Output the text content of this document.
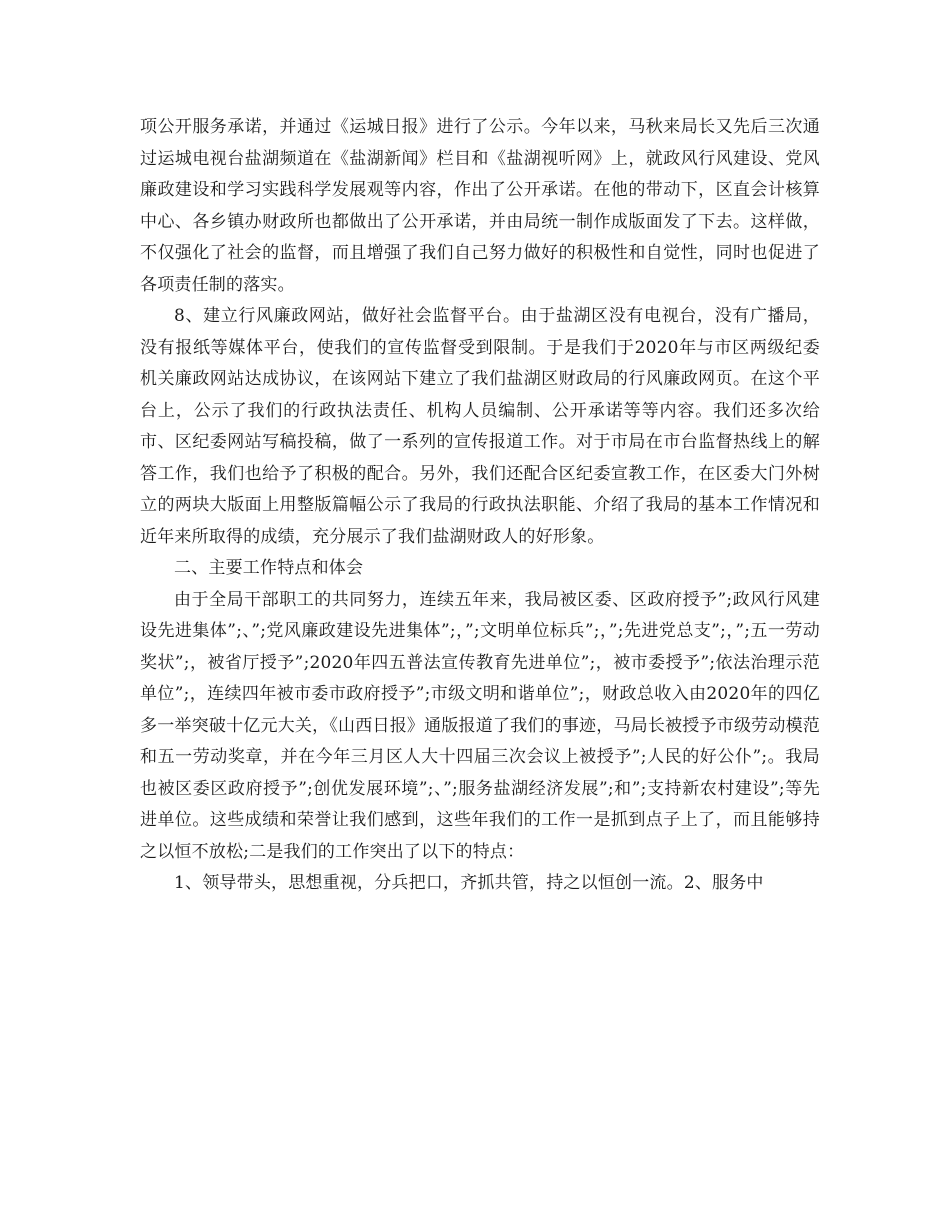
项公开服务承诺，并通过《运城日报》进行了公示。今年以来，马秋来局长又先后三次通过运城电视台盐湖频道在《盐湖新闻》栏目和《盐湖视听网》上，就政风行风建设、党风廉政建设和学习实践科学发展观等内容，作出了公开承诺。在他的带动下，区直会计核算中心、各乡镇办财政所也都做出了公开承诺，并由局统一制作成版面发了下去。这样做，不仅强化了社会的监督，而且增强了我们自己努力做好的积极性和自觉性，同时也促进了各项责任制的落实。

8、建立行风廉政网站，做好社会监督平台。由于盐湖区没有电视台，没有广播局，没有报纸等媒体平台，使我们的宣传监督受到限制。于是我们于2020年与市区两级纪委机关廉政网站达成协议，在该网站下建立了我们盐湖区财政局的行风廉政网页。在这个平台上，公示了我们的行政执法责任、机构人员编制、公开承诺等等内容。我们还多次给市、区纪委网站写稿投稿，做了一系列的宣传报道工作。对于市局在市台监督热线上的解答工作，我们也给予了积极的配合。另外，我们还配合区纪委宣教工作，在区委大门外树立的两块大版面上用整版篇幅公示了我局的行政执法职能、介绍了我局的基本工作情况和近年来所取得的成绩，充分展示了我们盐湖财政人的好形象。

二、主要工作特点和体会

由于全局干部职工的共同努力，连续五年来，我局被区委、区政府授予”;政风行风建设先进集体”;、”;党风廉政建设先进集体”;，”;文明单位标兵”;，”;先进党总支”;，”;五一劳动奖状”;，被省厅授予”;2020年四五普法宣传教育先进单位”;，被市委授予”;依法治理示范单位”;，连续四年被市委市政府授予”;市级文明和谐单位”;，财政总收入由2020年的四亿多一举突破十亿元大关，《山西日报》通版报道了我们的事迹，马局长被授予市级劳动模范和五一劳动奖章，并在今年三月区人大十四届三次会议上被授予”;人民的好公仆”;。我局也被区委区政府授予”;创优发展环境”;、”;服务盐湖经济发展”;和”;支持新农村建设”;等先进单位。这些成绩和荣誉让我们感到，这些年我们的工作一是抓到点子上了，而且能够持之以恒不放松;二是我们的工作突出了以下的特点：

1、领导带头，思想重视，分兵把口，齐抓共管，持之以恒创一流。2、服务中
